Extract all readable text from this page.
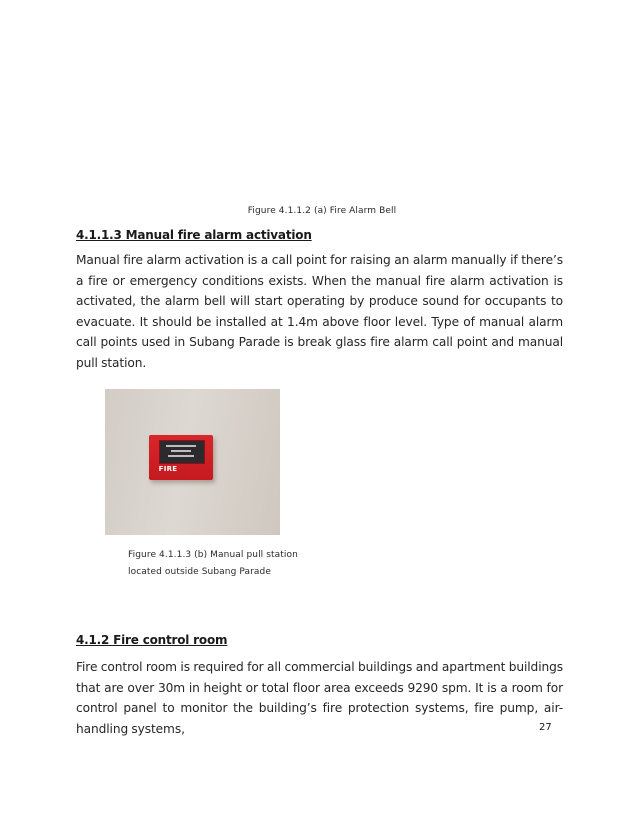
Figure 4.1.1.2 (a) Fire Alarm Bell
4.1.1.3 Manual fire alarm activation
Manual fire alarm activation is a call point for raising an alarm manually if there’s a fire or emergency conditions exists. When the manual fire alarm activation is activated, the alarm bell will start operating by produce sound for occupants to evacuate. It should be installed at 1.4m above floor level. Type of manual alarm call points used in Subang Parade is break glass fire alarm call point and manual pull station.
FIRE
Figure 4.1.1.3 (b) Manual pull station
located outside Subang Parade
4.1.2 Fire control room
Fire control room is required for all commercial buildings and apartment buildings that are over 30m in height or total floor area exceeds 9290 spm. It is a room for control panel to monitor the building’s fire protection systems, fire pump, air-handling systems,	27
